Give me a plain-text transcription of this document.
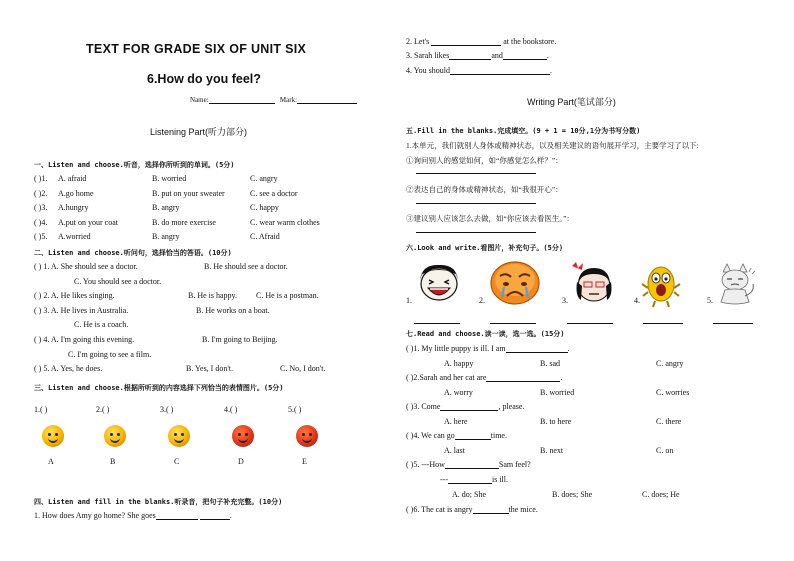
TEXT FOR GRADE SIX OF UNIT SIX
6.How do you feel?
Name:	Mark:
Listening Part(听力部分)
一、Listen and choose.听音，选择你所听到的单词。(5分)
( )1. A. afraid	B. worried	C. angry
( )2. A.go home	B. put on your sweater	C. see a doctor
( )3. A.hungry	B. angry	C. happy
( )4. A.put on your coat	B. do more exercise	C. wear warm clothes
( )5. A.worried	B. angry	C. Afraid
二、Listen and choose.听问句，选择恰当的答语。(10分)
( ) 1. A. She should see a doctor.	B. He should see a doctor.
C. You should see a doctor.
( ) 2. A. He likes singing.	B. He is happy. C. He is a postman.
( ) 3. A. He lives in Australia.	B. He works on a boat.
C. He is a coach.
( ) 4. A. I'm going this evening.	B. I'm going to Beijing.
C. I'm going to see a film.
( ) 5. A. Yes, he does.	B. Yes, I don't.	C. No, I don't.
三、Listen and choose.根据所听到的内容选择下列恰当的表情图片。(5分)
1.( )
A
2.( )
B
3.( )
C
4.( )
D
5.( )
E
四、Listen and fill in the blanks.听录音，把句子补充完整。(10分)
1. How does Amy go home? She goes	.
2. Let's	at the bookstore.
3. Sarah likes	and	.
4. You should	.
Writing Part(笔试部分)
五.Fill in the blanks.完成填空。(9 + 1 = 10分,1分为书写分数)
1.本单元，我们就别人身体或精神状态，以及相关建议的语句展开学习，主要学习了以下:
①询问别人的感觉如何，如“你感觉怎么样？”：
②表达自己的身体或精神状态，如“我很开心”：
③建议别人应该怎么去做，如“你应该去看医生。”：
六.Look and write.看图片，补充句子。(5分)
1.	2.	3.	4.	5.
七.Read and choose.读一读，选一选。(15分)
( )1. My little puppy is ill. I am	.
A. happy	B. sad	C. angry
( )2.Sarah and her cat are	.
A. worry	B. worried	C. worries
( )3. Come	, please.
A. here	B. to here	C. there
( )4. We can go	time.
A. last	B. next	C. on
( )5. ---How	Sam feel?
---	is ill.
A. do; She	B. does; She	C. does; He
( )6. The cat is angry	the mice.
